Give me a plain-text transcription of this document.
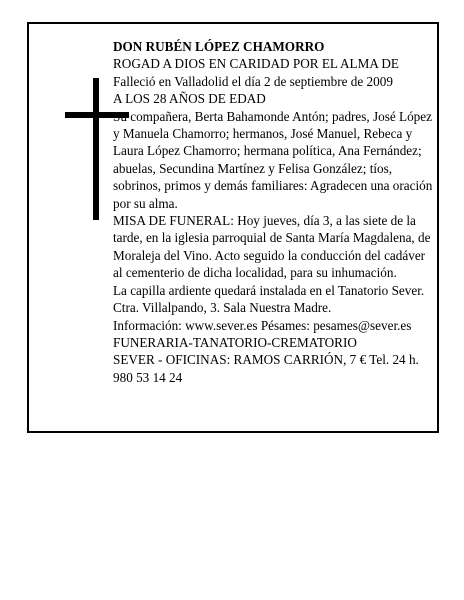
DON RUBÉN LÓPEZ CHAMORRO

ROGAD A DIOS EN CARIDAD POR EL ALMA DE

Falleció en Valladolid el día 2 de septiembre de 2009

A LOS 28 AÑOS DE EDAD

Su compañera, Berta Bahamonde Antón; padres, José López y Manuela Chamorro; hermanos, José Manuel, Rebeca y Laura López Chamorro; hermana política, Ana Fernández; abuelas, Secundina Martínez y Felisa González; tíos, sobrinos, primos y demás familiares: Agradecen una oración por su alma.

MISA DE FUNERAL: Hoy jueves, día 3, a las siete de la tarde, en la iglesia parroquial de Santa María Magdalena, de Moraleja del Vino. Acto seguido la conducción del cadáver al cementerio de dicha localidad, para su inhumación.

La capilla ardiente quedará instalada en el Tanatorio Sever. Ctra. Villalpando, 3. Sala Nuestra Madre.

Información: www.sever.es Pésames: pesames@sever.es

FUNERARIA-TANATORIO-CREMATORIO

SEVER - OFICINAS: RAMOS CARRIÓN, 7 € Tel. 24 h. 980 53 14 24
